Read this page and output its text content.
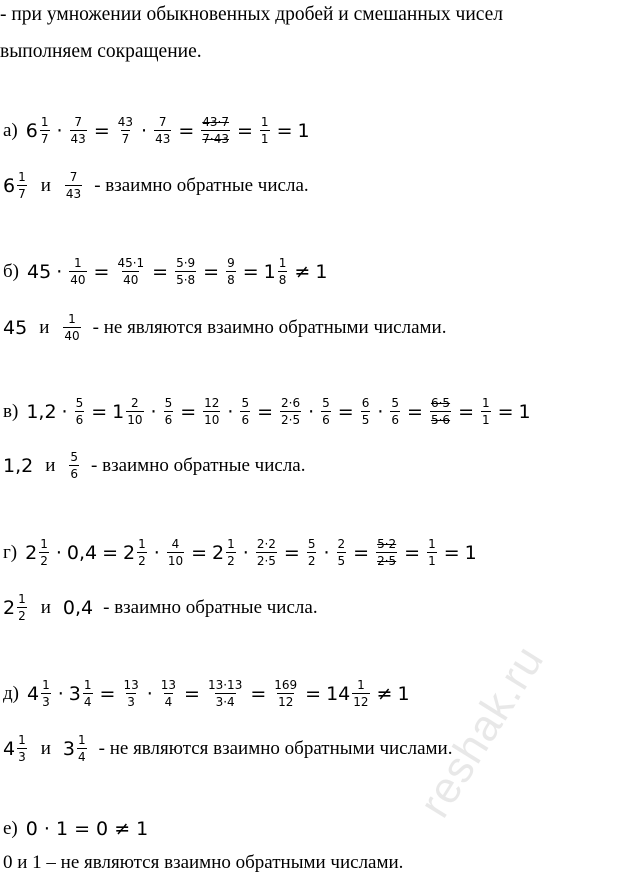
- при умножении обыкновенных дробей и смешанных чисел
выполняем сокращение.
а) $6 \frac{1}{7} \cdot \frac{7}{43} = \frac{43}{7} \cdot \frac{7}{43} = \frac{43\cdot 7}{7\cdot 43} = \frac{1}{1} = 1$
$6 \frac{1}{7}$ и $\frac{7}{43}$ - взаимно обратные числа.
б) $45 \cdot \frac{1}{40} = \frac{45\cdot 1}{40} = \frac{5\cdot 9}{5\cdot 8} = \frac{9}{8} = 1 \frac{1}{8} \ne 1$
45 и $\frac{1}{40}$ - не являются взаимно обратными числами.
в) $1,2 \cdot \frac{5}{6} = 1 \frac{2}{10} \cdot \frac{5}{6} = \frac{12}{10} \cdot \frac{5}{6} = \frac{2\cdot 6}{2\cdot 5} \cdot \frac{5}{6} = \frac{6}{5} \cdot \frac{5}{6} = \frac{6\cdot 5}{5\cdot 6} = \frac{1}{1} = 1$
1,2 и $\frac{5}{6}$ - взаимно обратные числа.
г) $2 \frac{1}{2} \cdot 0,4 = 2 \frac{1}{2} \cdot \frac{4}{10} = 2 \frac{1}{2} \cdot \frac{2\cdot 2}{2\cdot 5} = \frac{5}{2} \cdot \frac{2}{5} = \frac{5\cdot 2}{2\cdot 5} = \frac{1}{1} = 1$
$2 \frac{1}{2}$ и 0,4 - взаимно обратные числа.
д) $4 \frac{1}{3} \cdot 3 \frac{1}{4} = \frac{13}{3} \cdot \frac{13}{4} = \frac{13\cdot 13}{3\cdot 4} = \frac{169}{12} = 14 \frac{1}{12} \ne 1$
$4 \frac{1}{3}$ и $3 \frac{1}{4}$ - не являются взаимно обратными числами.
е) 0 · 1 = 0 ≠ 1
0 и 1 – не являются взаимно обратными числами.
reshak.ru
